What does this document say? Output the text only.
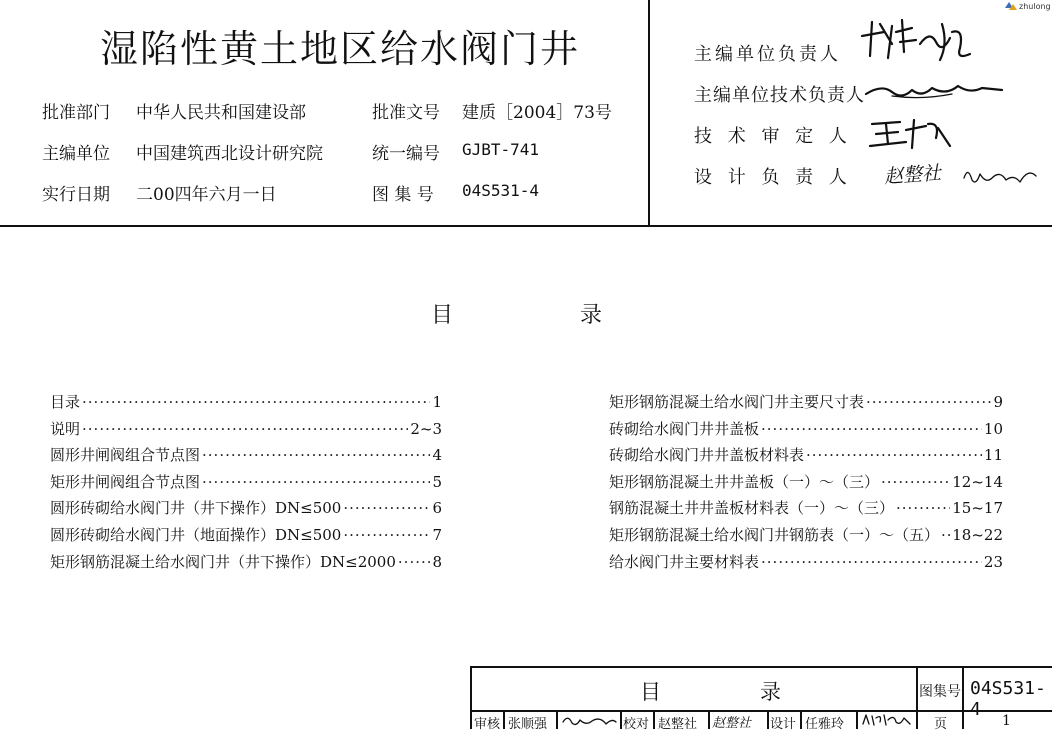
zhulong
湿陷性黄土地区给水阀门井
批准部门 中华人民共和国建设部	批准文号 建质［2004］73号
主编单位 中国建筑西北设计研究院	统一编号 GJBT-741
实行日期 二00四年六月一日	图 集 号 04S531-4
主编单位负责人
主编单位技术负责人
技 术 审 定 人
设 计 负 责 人 赵整社
目	录
目录 ·····	1
说明 ·····	2~3
圆形井闸阀组合节点图 ·····	4
矩形井闸阀组合节点图 ·····	5
圆形砖砌给水阀门井（井下操作）DN≤500 ·····	6
圆形砖砌给水阀门井（地面操作）DN≤500 ·····	7
矩形钢筋混凝土给水阀门井（井下操作）DN≤2000 ····· 8
矩形钢筋混凝土给水阀门井主要尺寸表 ·····	9
砖砌给水阀门井井盖板 ·····	10
砖砌给水阀门井井盖板材料表 ·····	11
矩形钢筋混凝土井井盖板（一）～（三） ·····	12~14
钢筋混凝土井井盖板材料表（一）～（三） ·····	15~17
矩形钢筋混凝土给水阀门井钢筋表（一）～（五） ····· 18~22
给水阀门井主要材料表 ·····	23
目	录	图集号 04S531-4
审核 张顺强	校对 赵整社 赵整社 设计 任雅玲	页	1
